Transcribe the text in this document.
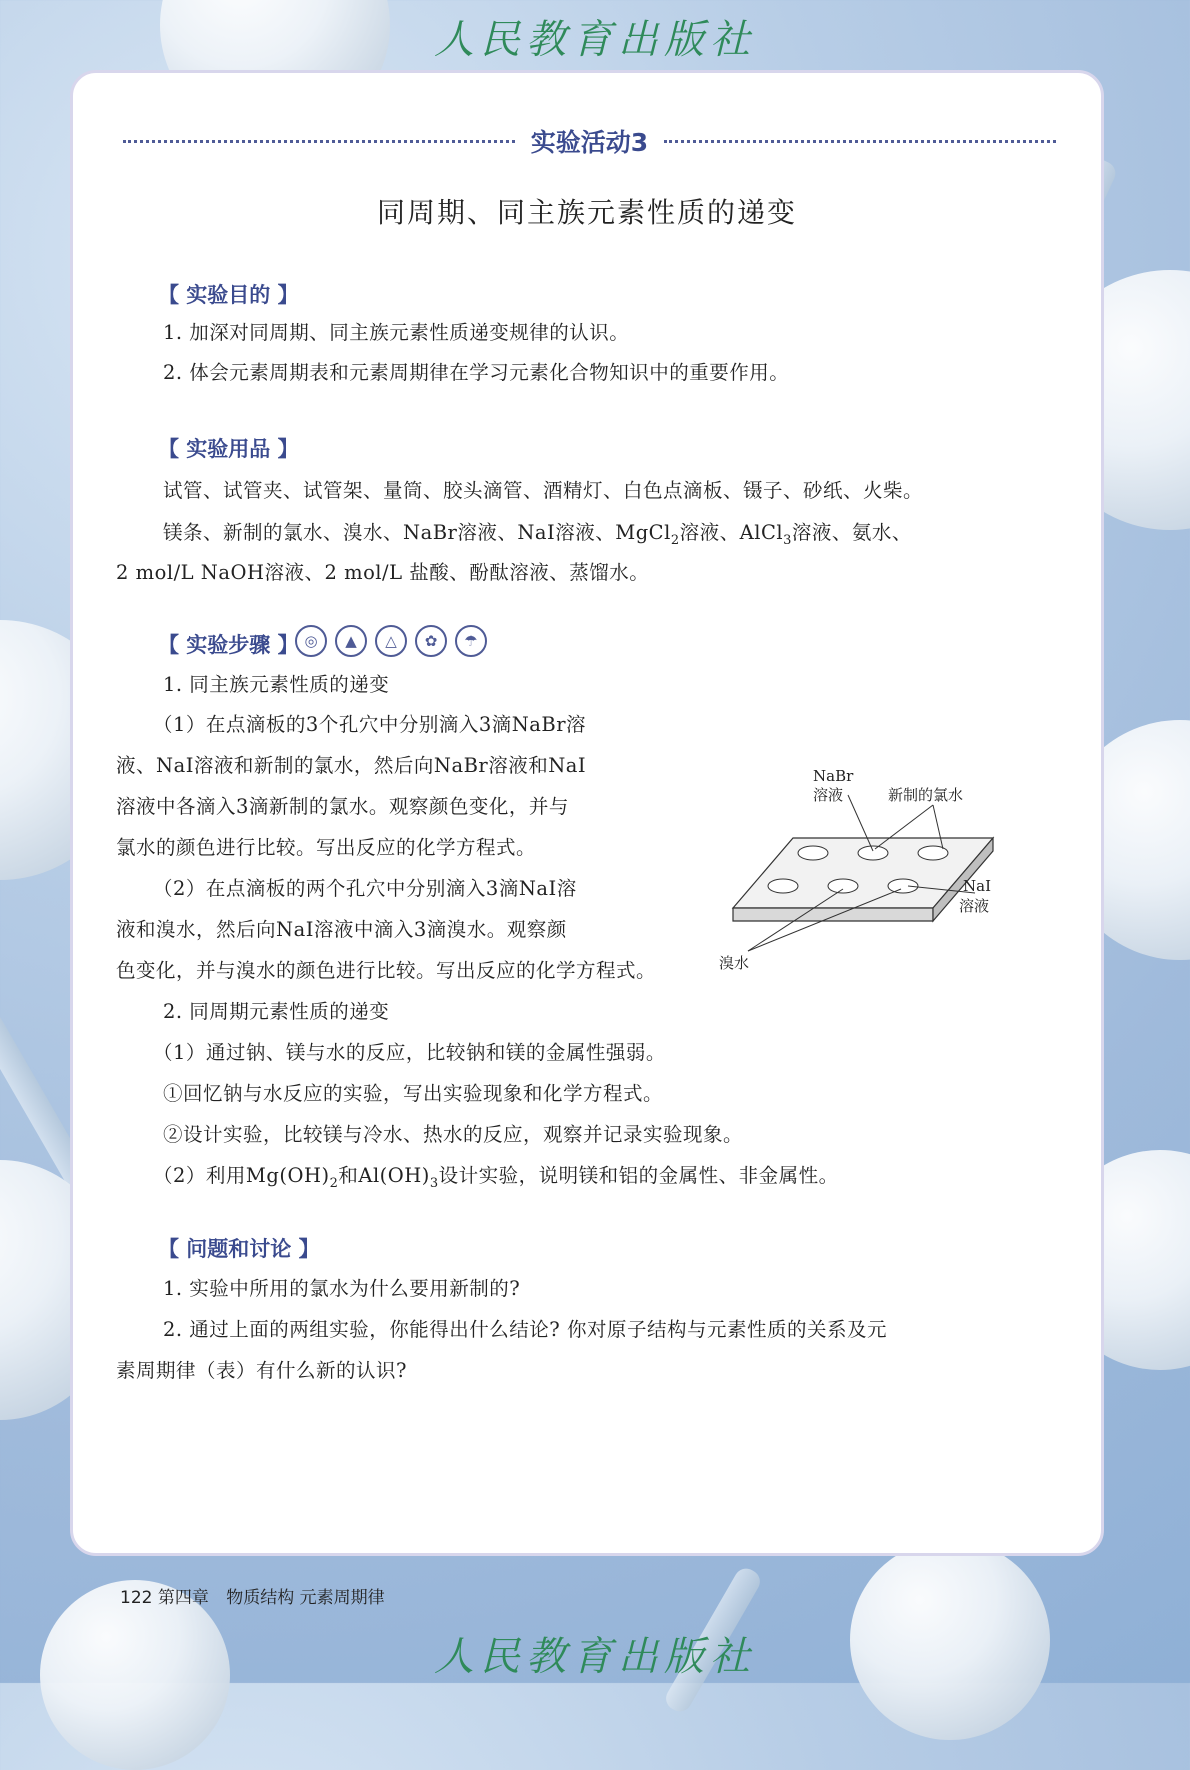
人民教育出版社
实验活动3
同周期、同主族元素性质的递变
【 实验目的 】
1. 加深对同周期、同主族元素性质递变规律的认识。
2. 体会元素周期表和元素周期律在学习元素化合物知识中的重要作用。
【 实验用品 】
试管、试管夹、试管架、量筒、胶头滴管、酒精灯、白色点滴板、镊子、砂纸、火柴。
镁条、新制的氯水、溴水、NaBr溶液、NaI溶液、MgCl$_2$溶液、AlCl$_3$溶液、氨水、
2 mol/L NaOH溶液、2 mol/L 盐酸、酚酞溶液、蒸馏水。
【 实验步骤 】 ◎	▲	△	✿	☂
1. 同主族元素性质的递变
（1）在点滴板的3个孔穴中分别滴入3滴NaBr溶
液、NaI溶液和新制的氯水，然后向NaBr溶液和NaI
溶液中各滴入3滴新制的氯水。观察颜色变化，并与
氯水的颜色进行比较。写出反应的化学方程式。
（2）在点滴板的两个孔穴中分别滴入3滴NaI溶
液和溴水，然后向NaI溶液中滴入3滴溴水。观察颜
色变化，并与溴水的颜色进行比较。写出反应的化学方程式。
2. 同周期元素性质的递变
（1）通过钠、镁与水的反应，比较钠和镁的金属性强弱。
①回忆钠与水反应的实验，写出实验现象和化学方程式。
②设计实验，比较镁与冷水、热水的反应，观察并记录实验现象。
（2）利用$Mg(OH)_2$和$Al(OH)_3$设计实验，说明镁和铝的金属性、非金属性。
【 问题和讨论 】
1. 实验中所用的氯水为什么要用新制的?
2. 通过上面的两组实验，你能得出什么结论? 你对原子结构与元素性质的关系及元
素周期律（表）有什么新的认识?
NaBr
溶液	新制的氯水
NaI
溶液
溴水
122 第四章 物质结构 元素周期律
人民教育出版社
